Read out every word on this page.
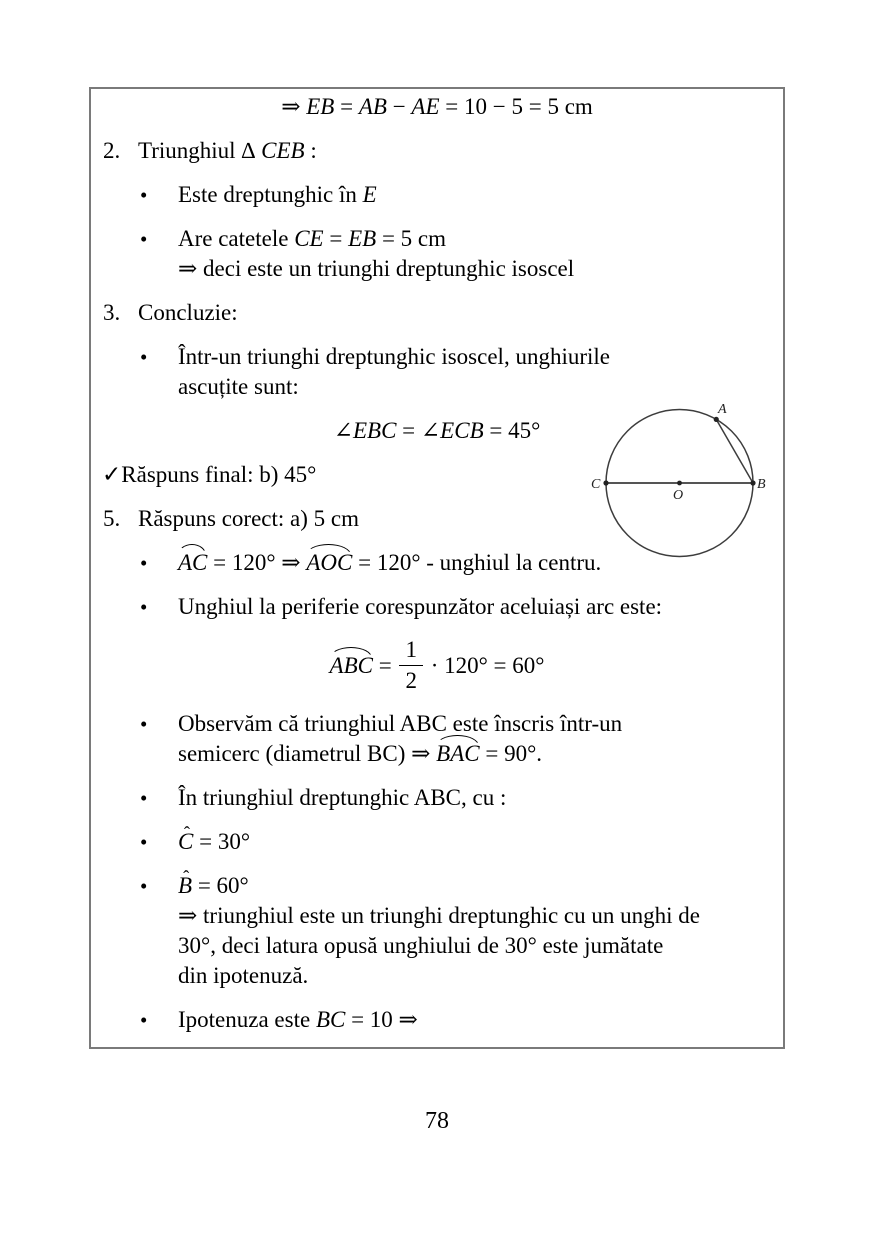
⇒ EB = AB − AE = 10 − 5 = 5 cm
2. Triunghiul ∆ CEB :
•	Este dreptunghic în E
•	Are catetele CE = EB = 5 cm
⇒ deci este un triunghi dreptunghic isoscel
3. Concluzie:
•	Într-un triunghi dreptunghic isoscel, unghiurile
ascuțite sunt:
∠EBC = ∠ECB = 45°
✓Răspuns final: b) 45°
5. Răspuns corect: a) 5 cm
•	AC = 120° ⇒ AOC = 120° - unghiul la centru.
•	Unghiul la periferie corespunzător aceluiași arc este:
ABC = $\frac{1}{2} \cdot 120^\circ = 60^\circ$
•	Observăm că triunghiul ABC este înscris într-un
semicerc (diametrul BC) ⇒ BAC = 90°.
•	În triunghiul dreptunghic ABC, cu :
•	C ˆ = 30°
•	B ˆ = 60°
⇒ triunghiul este un triunghi dreptunghic cu un unghi de
30°, deci latura opusă unghiului de 30° este jumătate
din ipotenuză.
•	Ipotenuza este BC = 10 ⇒
A
B
C
O
78
